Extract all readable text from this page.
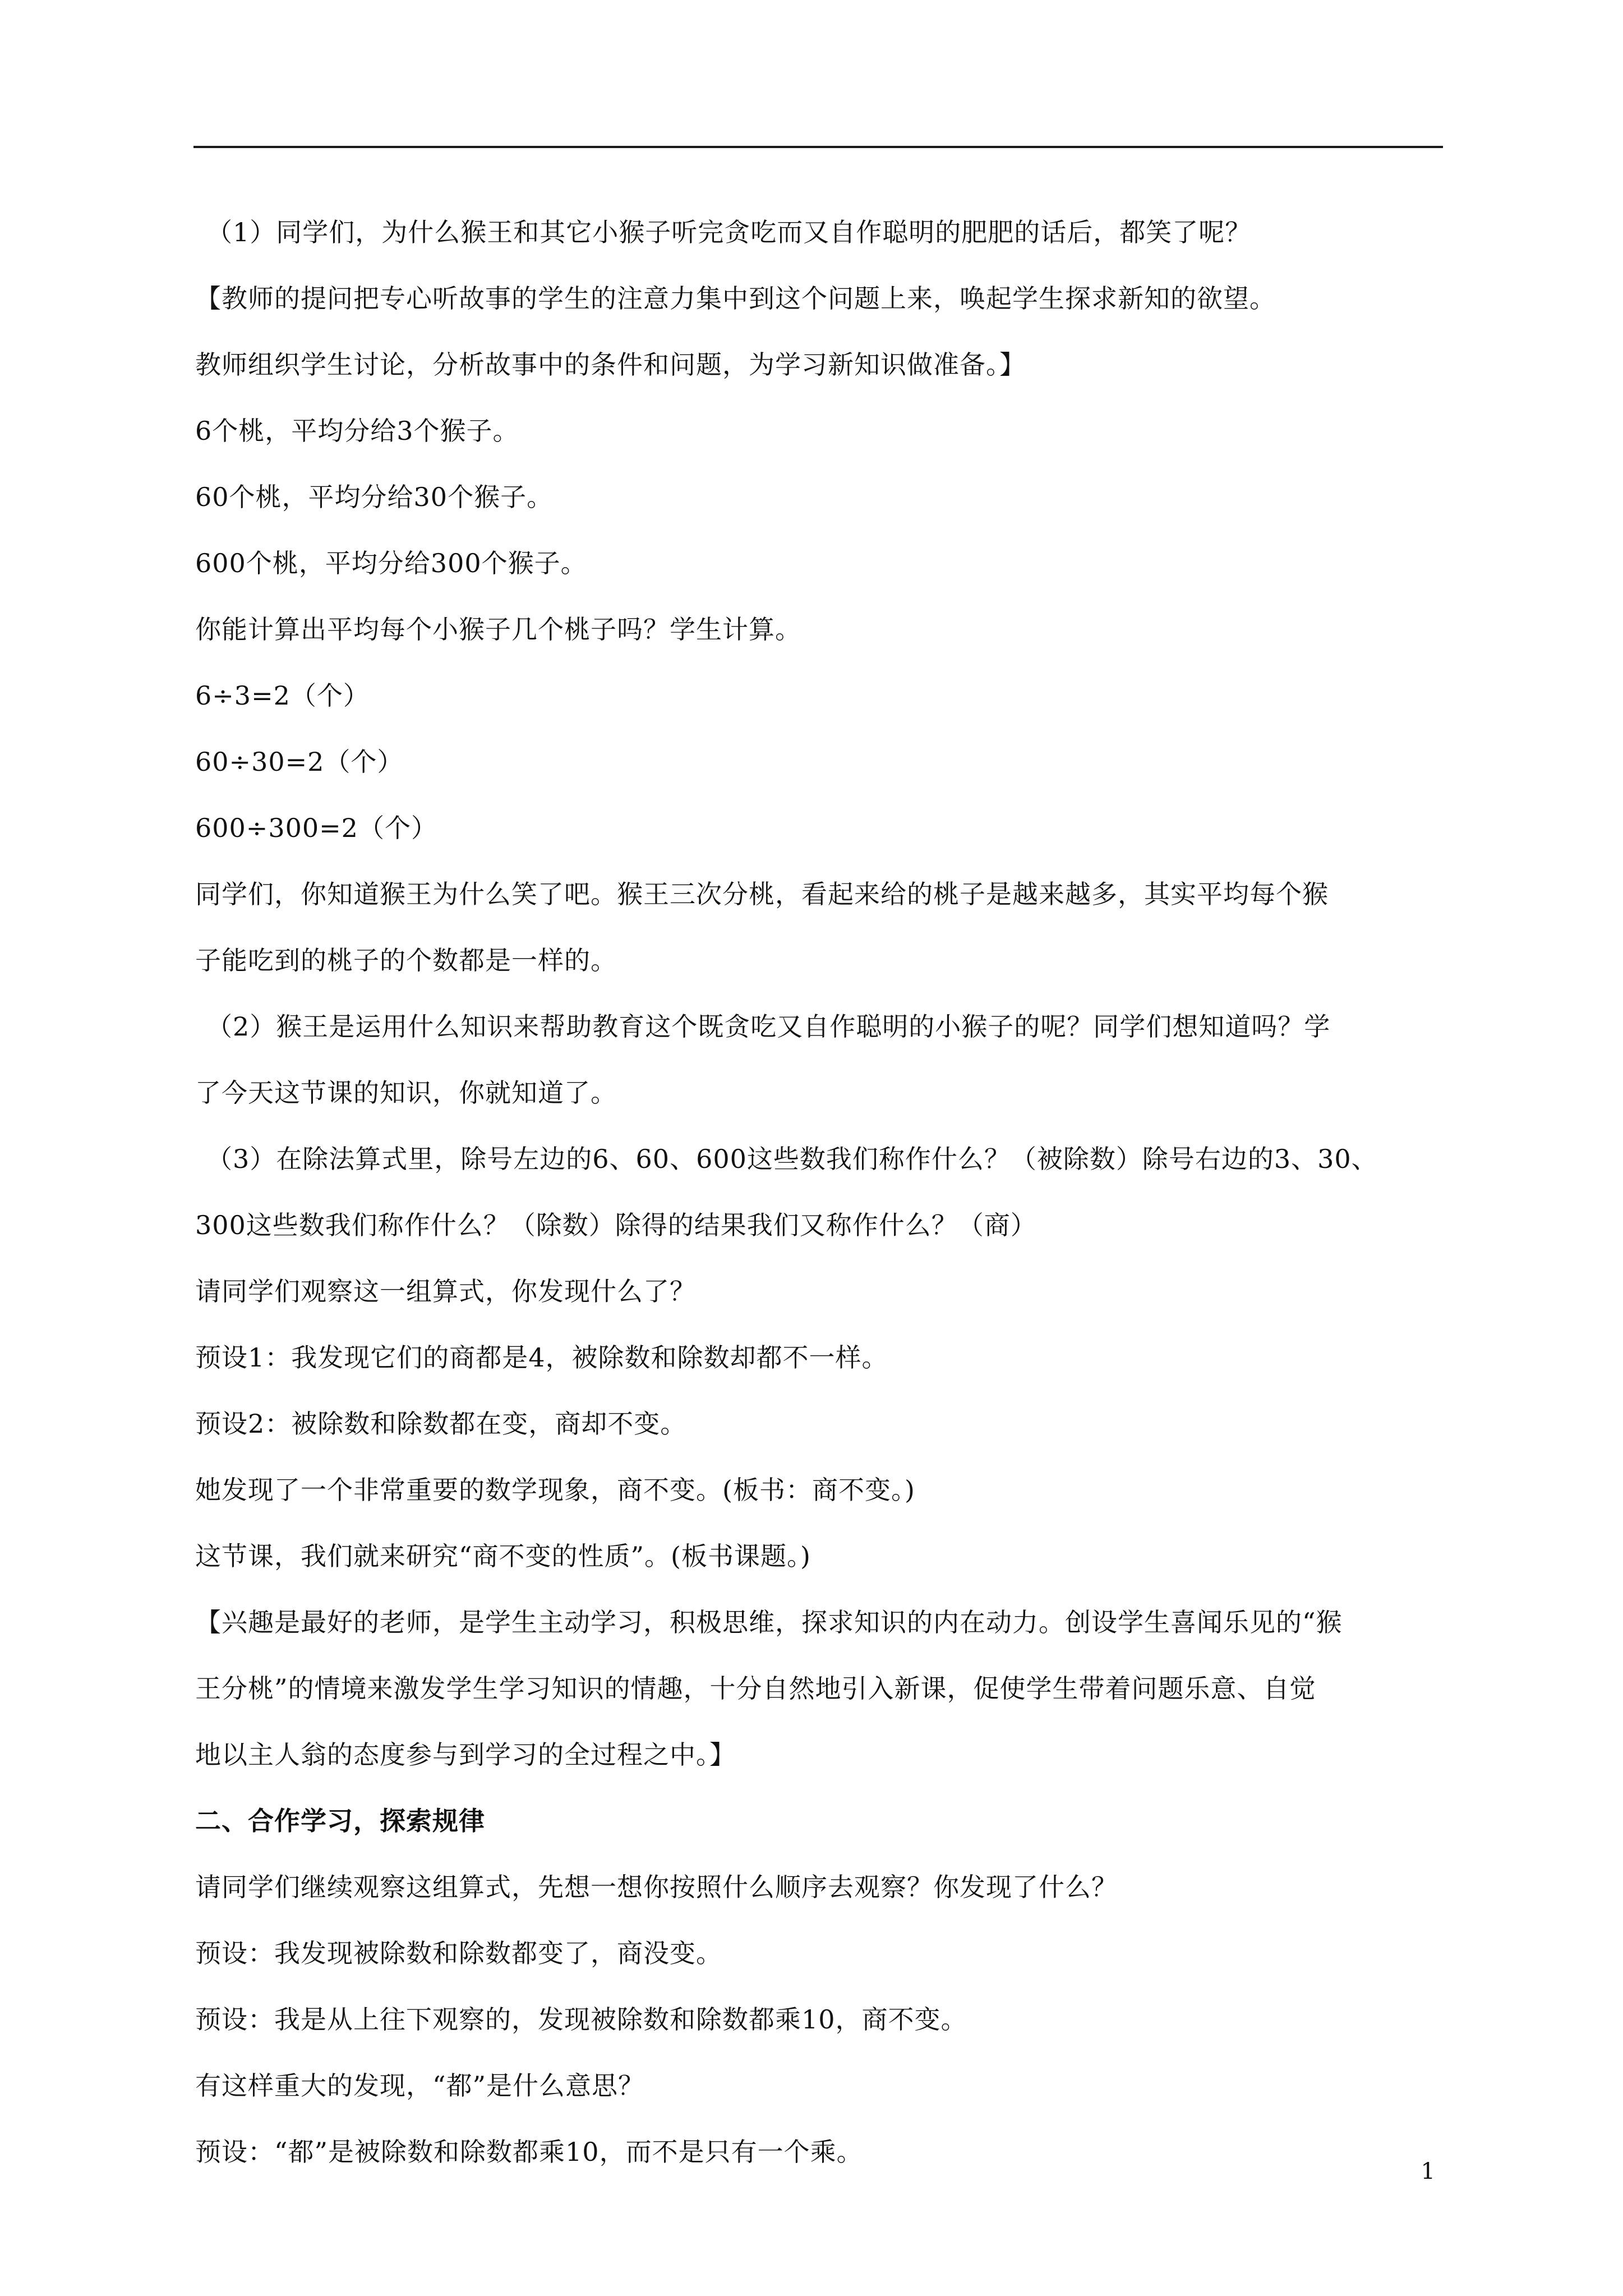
（1）同学们，为什么猴王和其它小猴子听完贪吃而又自作聪明的肥肥的话后，都笑了呢？
【教师的提问把专心听故事的学生的注意力集中到这个问题上来，唤起学生探求新知的欲望。
教师组织学生讨论，分析故事中的条件和问题，为学习新知识做准备。】
6个桃，平均分给3个猴子。
60个桃，平均分给30个猴子。
600个桃，平均分给300个猴子。
你能计算出平均每个小猴子几个桃子吗？学生计算。
6÷3=2（个）
60÷30=2（个）
600÷300=2（个）
同学们，你知道猴王为什么笑了吧。猴王三次分桃，看起来给的桃子是越来越多，其实平均每个猴
子能吃到的桃子的个数都是一样的。
（2）猴王是运用什么知识来帮助教育这个既贪吃又自作聪明的小猴子的呢？同学们想知道吗？学
了今天这节课的知识，你就知道了。
（3）在除法算式里，除号左边的6、60、600这些数我们称作什么？（被除数）除号右边的3、30、
300这些数我们称作什么？（除数）除得的结果我们又称作什么？（商）
请同学们观察这一组算式，你发现什么了？
预设1：我发现它们的商都是4，被除数和除数却都不一样。
预设2：被除数和除数都在变，商却不变。
她发现了一个非常重要的数学现象，商不变。(板书：商不变。)
这节课，我们就来研究“商不变的性质”。(板书课题。)
【兴趣是最好的老师，是学生主动学习，积极思维，探求知识的内在动力。创设学生喜闻乐见的“猴
王分桃”的情境来激发学生学习知识的情趣，十分自然地引入新课，促使学生带着问题乐意、自觉
地以主人翁的态度参与到学习的全过程之中。】
二、合作学习，探索规律
请同学们继续观察这组算式，先想一想你按照什么顺序去观察？你发现了什么？
预设：我发现被除数和除数都变了，商没变。
预设：我是从上往下观察的，发现被除数和除数都乘10，商不变。
有这样重大的发现，“都”是什么意思？
预设：“都”是被除数和除数都乘10，而不是只有一个乘。
1
